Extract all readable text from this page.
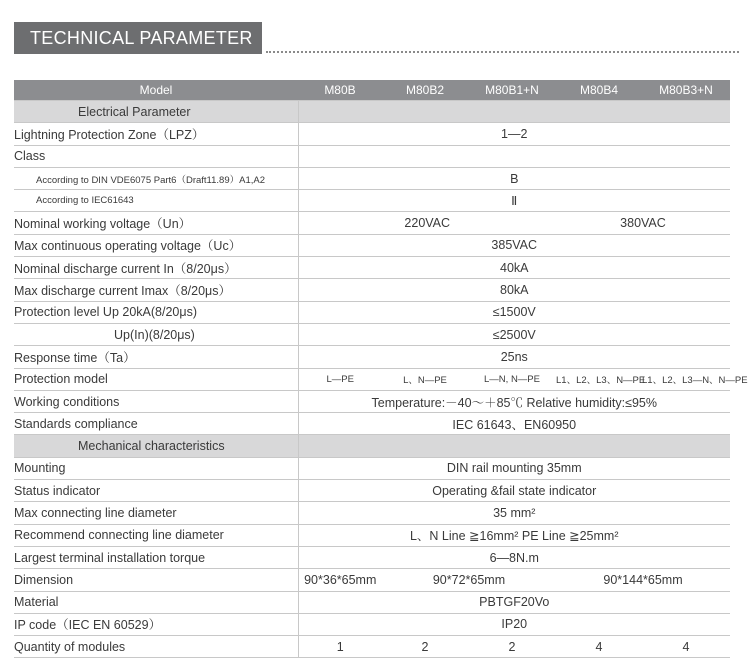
TECHNICAL PARAMETER
Model	M80B	M80B2	M80B1+N	M80B4	M80B3+N
Electrical Parameter					
Lightning Protection Zone（LPZ）	1—2				
Class					
According to DIN VDE6075 Part6（Draft11.89）A1,A2	B				
According to IEC61643	Ⅱ				
Nominal working voltage（Un）	220VAC			380VAC	
Max continuous operating voltage（Uc）	385VAC				
Nominal discharge current In（8/20μs）	40kA				
Max discharge current Imax（8/20μs）	80kA				
Protection level Up 20kA(8/20μs)	≤1500V				
Up(In)(8/20μs)	≤2500V				
Response time（Ta）	25ns				
Protection model	L—PE	L、N—PE	L—N, N—PE	L1、L2、L3、N—PE	L1、L2、L3—N、N—PE
Working conditions	Temperature:－40～＋85℃ Relative humidity:≤95%				
Standards compliance	IEC 61643、EN60950				
Mechanical characteristics					
Mounting	DIN rail mounting 35mm				
Status indicator	Operating &fail state indicator				
Max connecting line diameter	35 mm²				
Recommend connecting line diameter	L、N Line ≧16mm² PE Line ≧25mm²				
Largest terminal installation torque	6—8N.m				
Dimension	90*36*65mm	90*72*65mm		90*144*65mm	
Material	PBTGF20Vo				
IP code（IEC EN 60529）	IP20				
Quantity of modules	1	2	2	4	4
